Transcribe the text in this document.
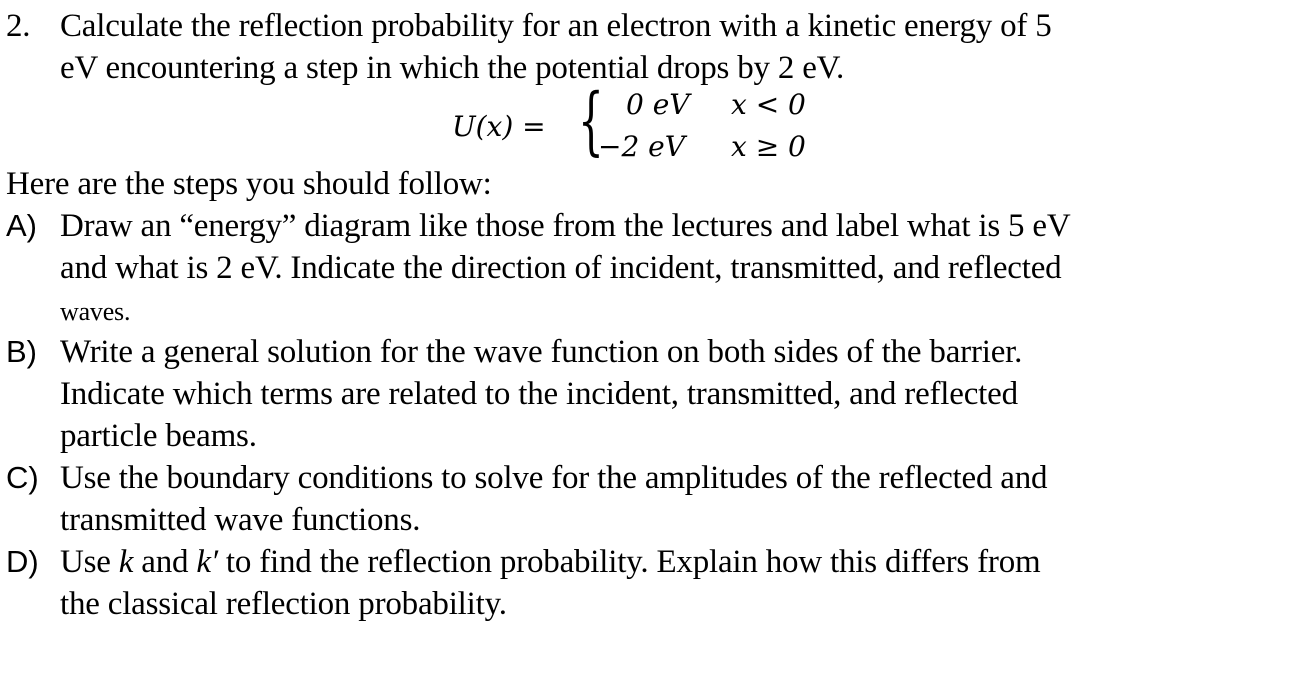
2. Calculate the reflection probability for an electron with a kinetic energy of 5
eV encountering a step in which the potential drops by 2 eV.
U(x) = { 0 eV x < 0
−2 eV x ≥ 0
Here are the steps you should follow:
A) Draw an “energy” diagram like those from the lectures and label what is 5 eV
and what is 2 eV. Indicate the direction of incident, transmitted, and reflected
waves.
B) Write a general solution for the wave function on both sides of the barrier.
Indicate which terms are related to the incident, transmitted, and reflected
particle beams.
C) Use the boundary conditions to solve for the amplitudes of the reflected and
transmitted wave functions.
D) Use k and k′ to find the reflection probability. Explain how this differs from
the classical reflection probability.
